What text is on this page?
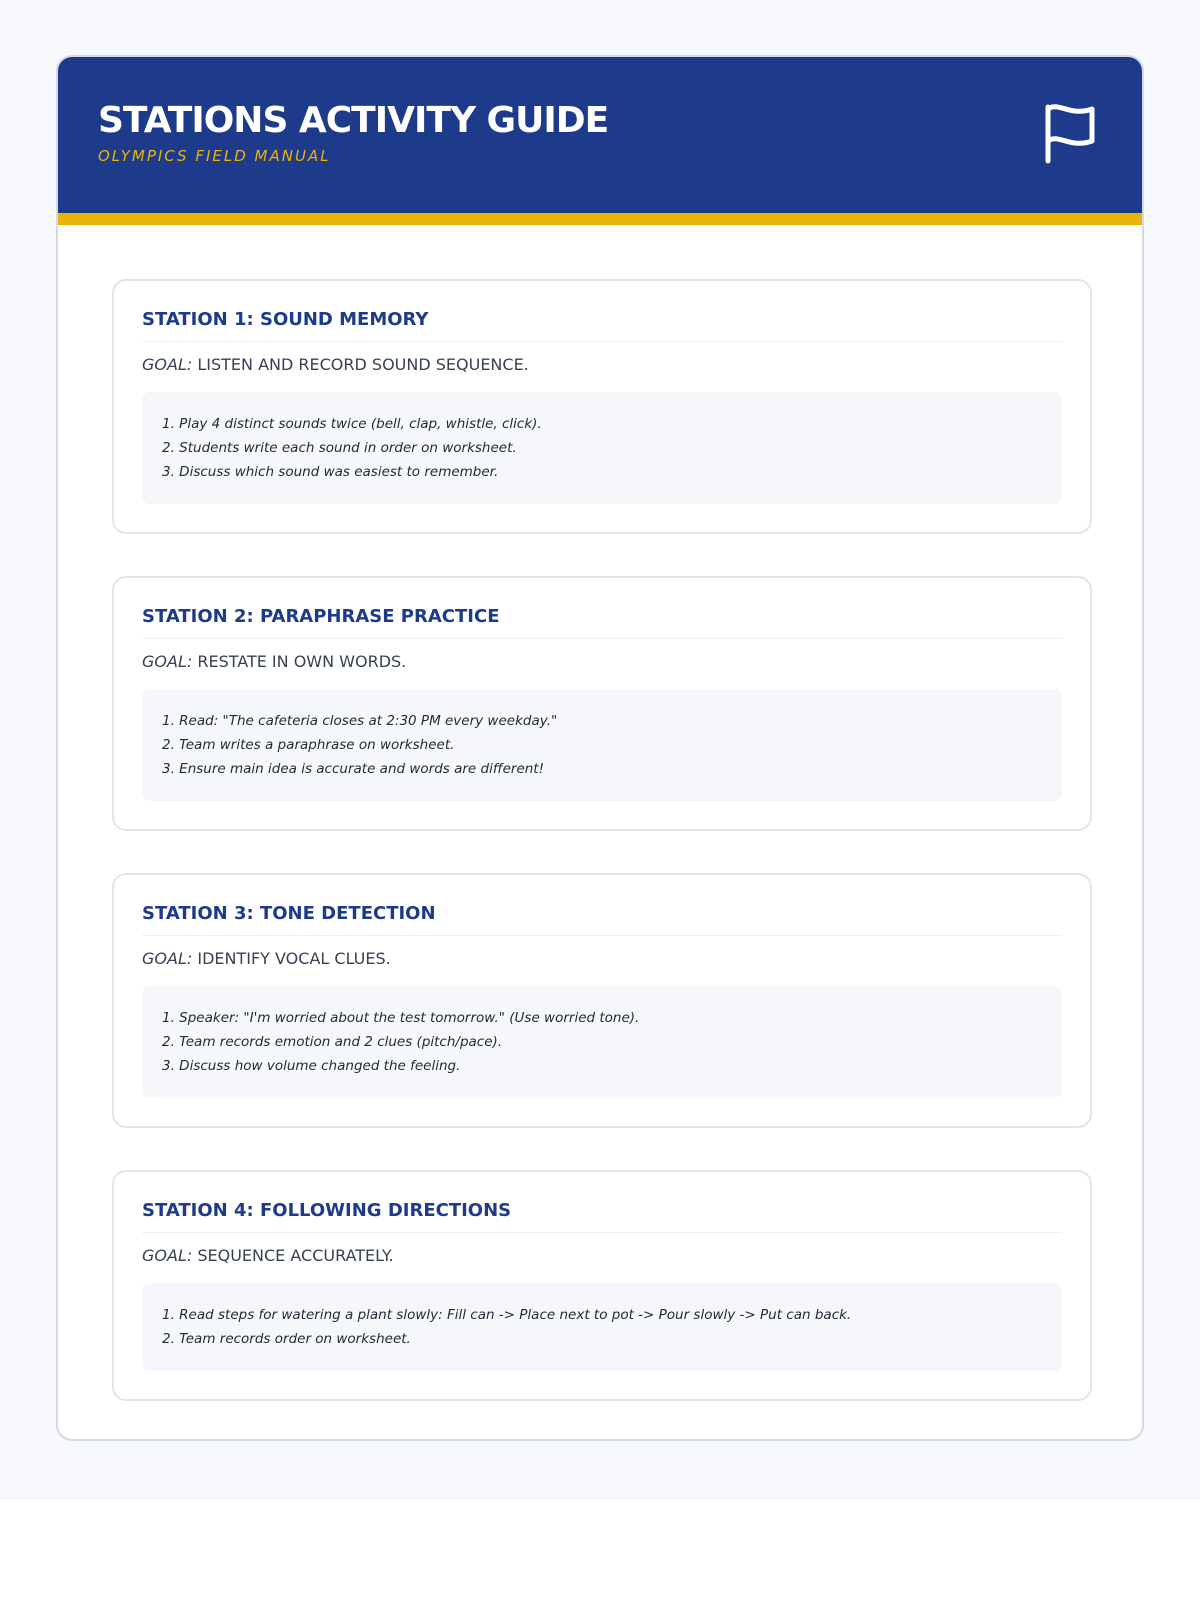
STATIONS ACTIVITY GUIDE
OLYMPICS FIELD MANUAL
STATION 1: SOUND MEMORY
GOAL: LISTEN AND RECORD SOUND SEQUENCE.
1. Play 4 distinct sounds twice (bell, clap, whistle, click).
2. Students write each sound in order on worksheet.
3. Discuss which sound was easiest to remember.
STATION 2: PARAPHRASE PRACTICE
GOAL: RESTATE IN OWN WORDS.
1. Read: "The cafeteria closes at 2:30 PM every weekday."
2. Team writes a paraphrase on worksheet.
3. Ensure main idea is accurate and words are different!
STATION 3: TONE DETECTION
GOAL: IDENTIFY VOCAL CLUES.
1. Speaker: "I'm worried about the test tomorrow." (Use worried tone).
2. Team records emotion and 2 clues (pitch/pace).
3. Discuss how volume changed the feeling.
STATION 4: FOLLOWING DIRECTIONS
GOAL: SEQUENCE ACCURATELY.
1. Read steps for watering a plant slowly: Fill can -> Place next to pot -> Pour slowly -> Put can back.
2. Team records order on worksheet.
